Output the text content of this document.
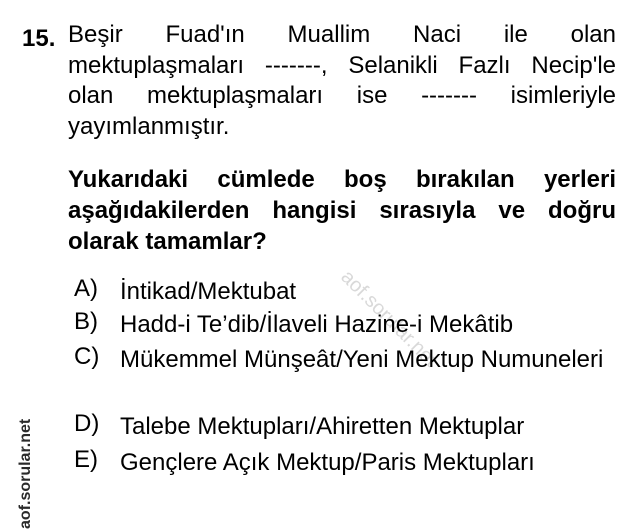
aof.sorular.net
aof.sorular.net
15. Beşir Fuad'ın Muallim Naci ile olan mektuplaşmaları -------, Selanikli Fazlı Necip'le olan mektuplaşmaları ise ------- isimleriyle yayımlanmıştır.
Yukarıdaki cümlede boş bırakılan yerleri aşağıdakilerden hangisi sırasıyla ve doğru olarak tamamlar?
A) İntikad/Mektubat
B) Hadd-i Te’dib/İlaveli Hazine-i Mekâtib
C) Mükemmel Münşeât/Yeni Mektup Numuneleri
D) Talebe Mektupları/Ahiretten Mektuplar
E) Gençlere Açık Mektup/Paris Mektupları
